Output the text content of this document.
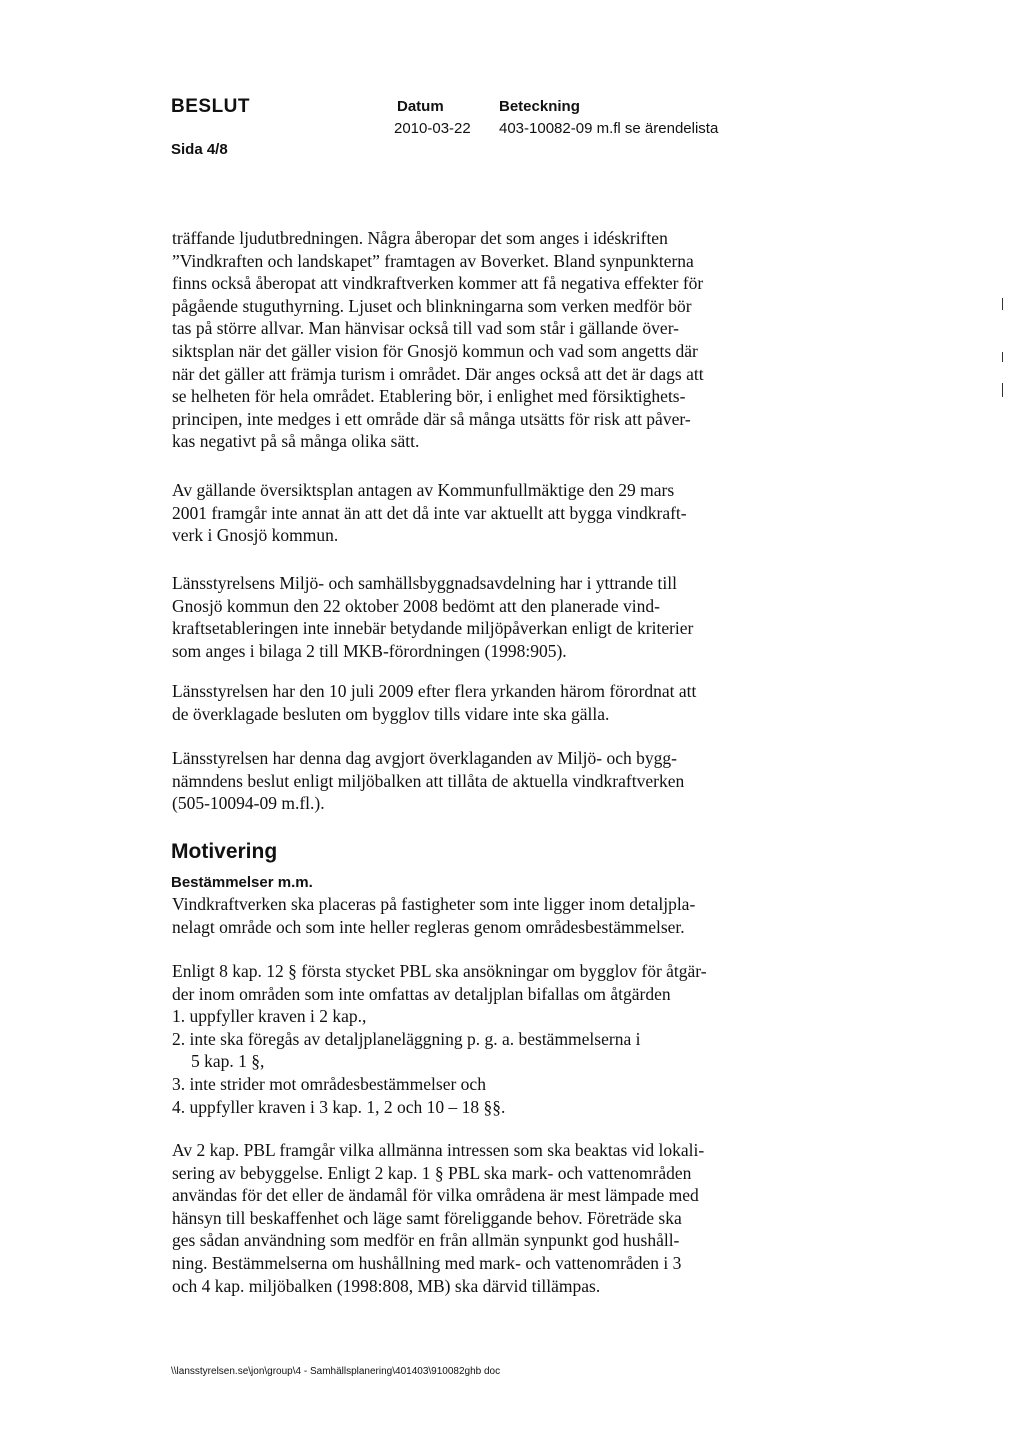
BESLUT
Sida 4/8
Datum
2010-03-22
Beteckning
403-10082-09 m.fl se ärendelista
träffande ljudutbredningen. Några åberopar det som anges i idéskriften
”Vindkraften och landskapet” framtagen av Boverket. Bland synpunkterna
finns också åberopat att vindkraftverken kommer att få negativa effekter för
pågående stuguthyrning. Ljuset och blinkningarna som verken medför bör
tas på större allvar. Man hänvisar också till vad som står i gällande över-
siktsplan när det gäller vision för Gnosjö kommun och vad som angetts där
när det gäller att främja turism i området. Där anges också att det är dags att
se helheten för hela området. Etablering bör, i enlighet med försiktighets-
principen, inte medges i ett område där så många utsätts för risk att påver-
kas negativt på så många olika sätt.
Av gällande översiktsplan antagen av Kommunfullmäktige den 29 mars
2001 framgår inte annat än att det då inte var aktuellt att bygga vindkraft-
verk i Gnosjö kommun.
Länsstyrelsens Miljö- och samhällsbyggnadsavdelning har i yttrande till
Gnosjö kommun den 22 oktober 2008 bedömt att den planerade vind-
kraftsetableringen inte innebär betydande miljöpåverkan enligt de kriterier
som anges i bilaga 2 till MKB-förordningen (1998:905).
Länsstyrelsen har den 10 juli 2009 efter flera yrkanden härom förordnat att
de överklagade besluten om bygglov tills vidare inte ska gälla.
Länsstyrelsen har denna dag avgjort överklaganden av Miljö- och bygg-
nämndens beslut enligt miljöbalken att tillåta de aktuella vindkraftverken
(505-10094-09 m.fl.).
Motivering
Bestämmelser m.m.
Vindkraftverken ska placeras på fastigheter som inte ligger inom detaljpla-
nelagt område och som inte heller regleras genom områdesbestämmelser.
Enligt 8 kap. 12 § första stycket PBL ska ansökningar om bygglov för åtgär-
der inom områden som inte omfattas av detaljplan bifallas om åtgärden
1. uppfyller kraven i 2 kap.,
2. inte ska föregås av detaljplaneläggning p. g. a. bestämmelserna i
5 kap. 1 §,
3. inte strider mot områdesbestämmelser och
4. uppfyller kraven i 3 kap. 1, 2 och 10 – 18 §§.
Av 2 kap. PBL framgår vilka allmänna intressen som ska beaktas vid lokali-
sering av bebyggelse. Enligt 2 kap. 1 § PBL ska mark- och vattenområden
användas för det eller de ändamål för vilka områdena är mest lämpade med
hänsyn till beskaffenhet och läge samt föreliggande behov. Företräde ska
ges sådan användning som medför en från allmän synpunkt god hushåll-
ning. Bestämmelserna om hushållning med mark- och vattenområden i 3
och 4 kap. miljöbalken (1998:808, MB) ska därvid tillämpas.
\\lansstyrelsen.se\jon\group\4 - Samhällsplanering\401403\910082ghb doc
